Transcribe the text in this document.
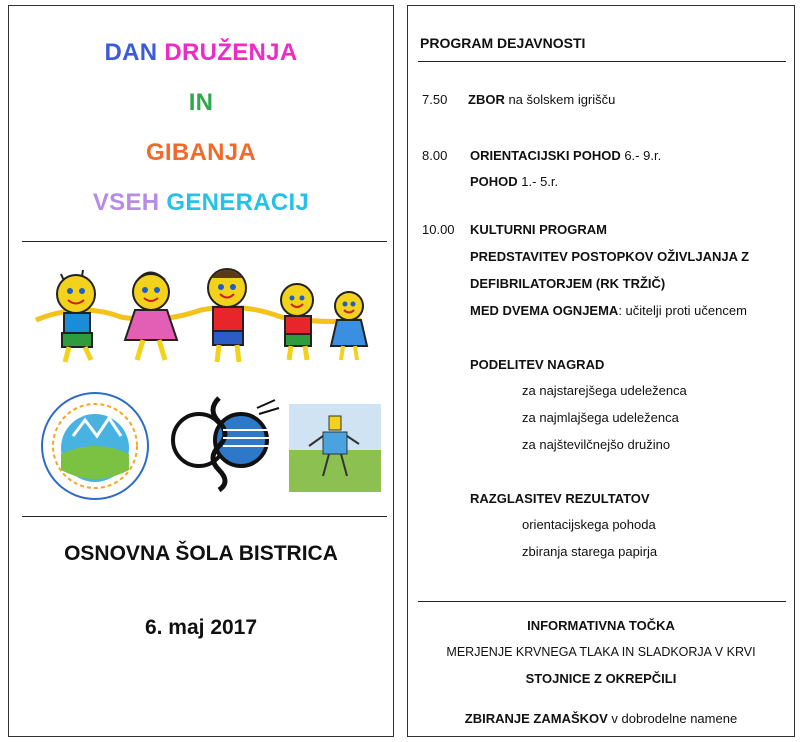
DAN DRUŽENJA
IN
GIBANJA
VSEH GENERACIJ
OSNOVNA ŠOLA BISTRICA
6. maj 2017
PROGRAM DEJAVNOSTI
7.50 ZBOR na šolskem igrišču
8.00 ORIENTACIJSKI POHOD 6.- 9.r.
POHOD 1.- 5.r.
10.00 KULTURNI PROGRAM
PREDSTAVITEV POSTOPKOV OŽIVLJANJA Z
DEFIBRILATORJEM (RK TRŽIČ)
MED DVEMA OGNJEMA: učitelji proti učencem
PODELITEV NAGRAD
za najstarejšega udeleženca
za najmlajšega udeleženca
za najštevilčnejšo družino
RAZGLASITEV REZULTATOV
orientacijskega pohoda
zbiranja starega papirja
INFORMATIVNA TOČKA
MERJENJE KRVNEGA TLAKA IN SLADKORJA V KRVI
STOJNICE Z OKREPČILI
ZBIRANJE ZAMAŠKOV v dobrodelne namene
